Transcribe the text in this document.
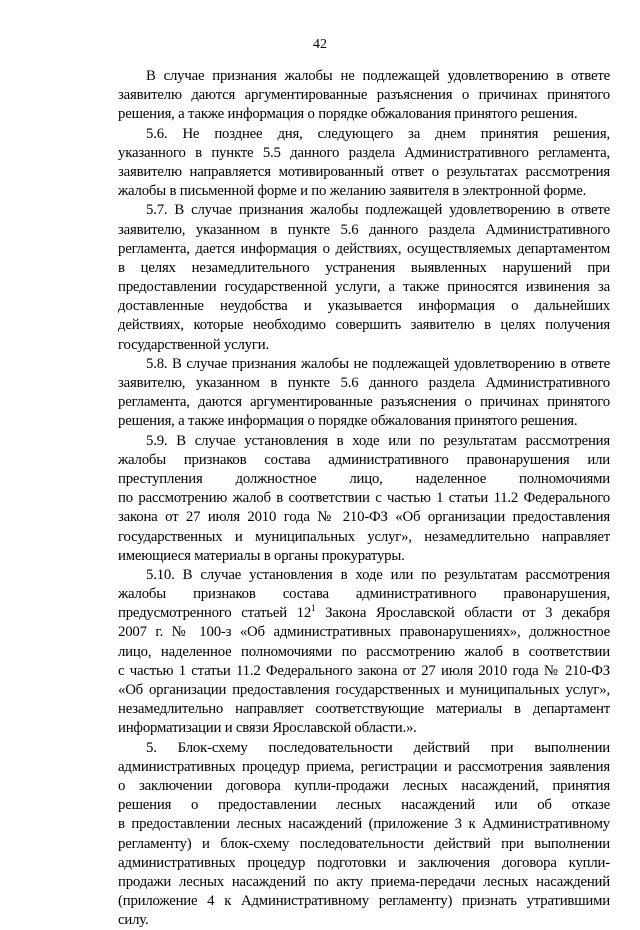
42
В случае признания жалобы не подлежащей удовлетворению в ответе
заявителю даются аргументированные разъяснения о причинах принятого
решения, а также информация о порядке обжалования принятого решения.
5.6. Не позднее дня, следующего за днем принятия решения,
указанного в пункте 5.5 данного раздела Административного регламента,
заявителю направляется мотивированный ответ о результатах рассмотрения
жалобы в письменной форме и по желанию заявителя в электронной форме.
5.7. В случае признания жалобы подлежащей удовлетворению в ответе
заявителю, указанном в пункте 5.6 данного раздела Административного
регламента, дается информация о действиях, осуществляемых департаментом
в целях незамедлительного устранения выявленных нарушений при
предоставлении государственной услуги, а также приносятся извинения за
доставленные неудобства и указывается информация о дальнейших
действиях, которые необходимо совершить заявителю в целях получения
государственной услуги.
5.8. В случае признания жалобы не подлежащей удовлетворению в ответе
заявителю, указанном в пункте 5.6 данного раздела Административного
регламента, даются аргументированные разъяснения о причинах принятого
решения, а также информация о порядке обжалования принятого решения.
5.9. В случае установления в ходе или по результатам рассмотрения
жалобы признаков состава административного правонарушения или
преступления должностное лицо, наделенное полномочиями
по рассмотрению жалоб в соответствии с частью 1 статьи 11.2 Федерального
закона от 27 июля 2010 года № 210-ФЗ «Об организации предоставления
государственных и муниципальных услуг», незамедлительно направляет
имеющиеся материалы в органы прокуратуры.
5.10. В случае установления в ходе или по результатам рассмотрения
жалобы признаков состава административного правонарушения,
предусмотренного статьей $12^1$ Закона Ярославской области от 3 декабря
2007 г. № 100-з «Об административных правонарушениях», должностное
лицо, наделенное полномочиями по рассмотрению жалоб в соответствии
с частью 1 статьи 11.2 Федерального закона от 27 июля 2010 года № 210-ФЗ
«Об организации предоставления государственных и муниципальных услуг»,
незамедлительно направляет соответствующие материалы в департамент
информатизации и связи Ярославской области.».
5. Блок-схему последовательности действий при выполнении
административных процедур приема, регистрации и рассмотрения заявления
о заключении договора купли-продажи лесных насаждений, принятия
решения о предоставлении лесных насаждений или об отказе
в предоставлении лесных насаждений (приложение 3 к Административному
регламенту) и блок-схему последовательности действий при выполнении
административных процедур подготовки и заключения договора купли-
продажи лесных насаждений по акту приема-передачи лесных насаждений
(приложение 4 к Административному регламенту) признать утратившими
силу.
